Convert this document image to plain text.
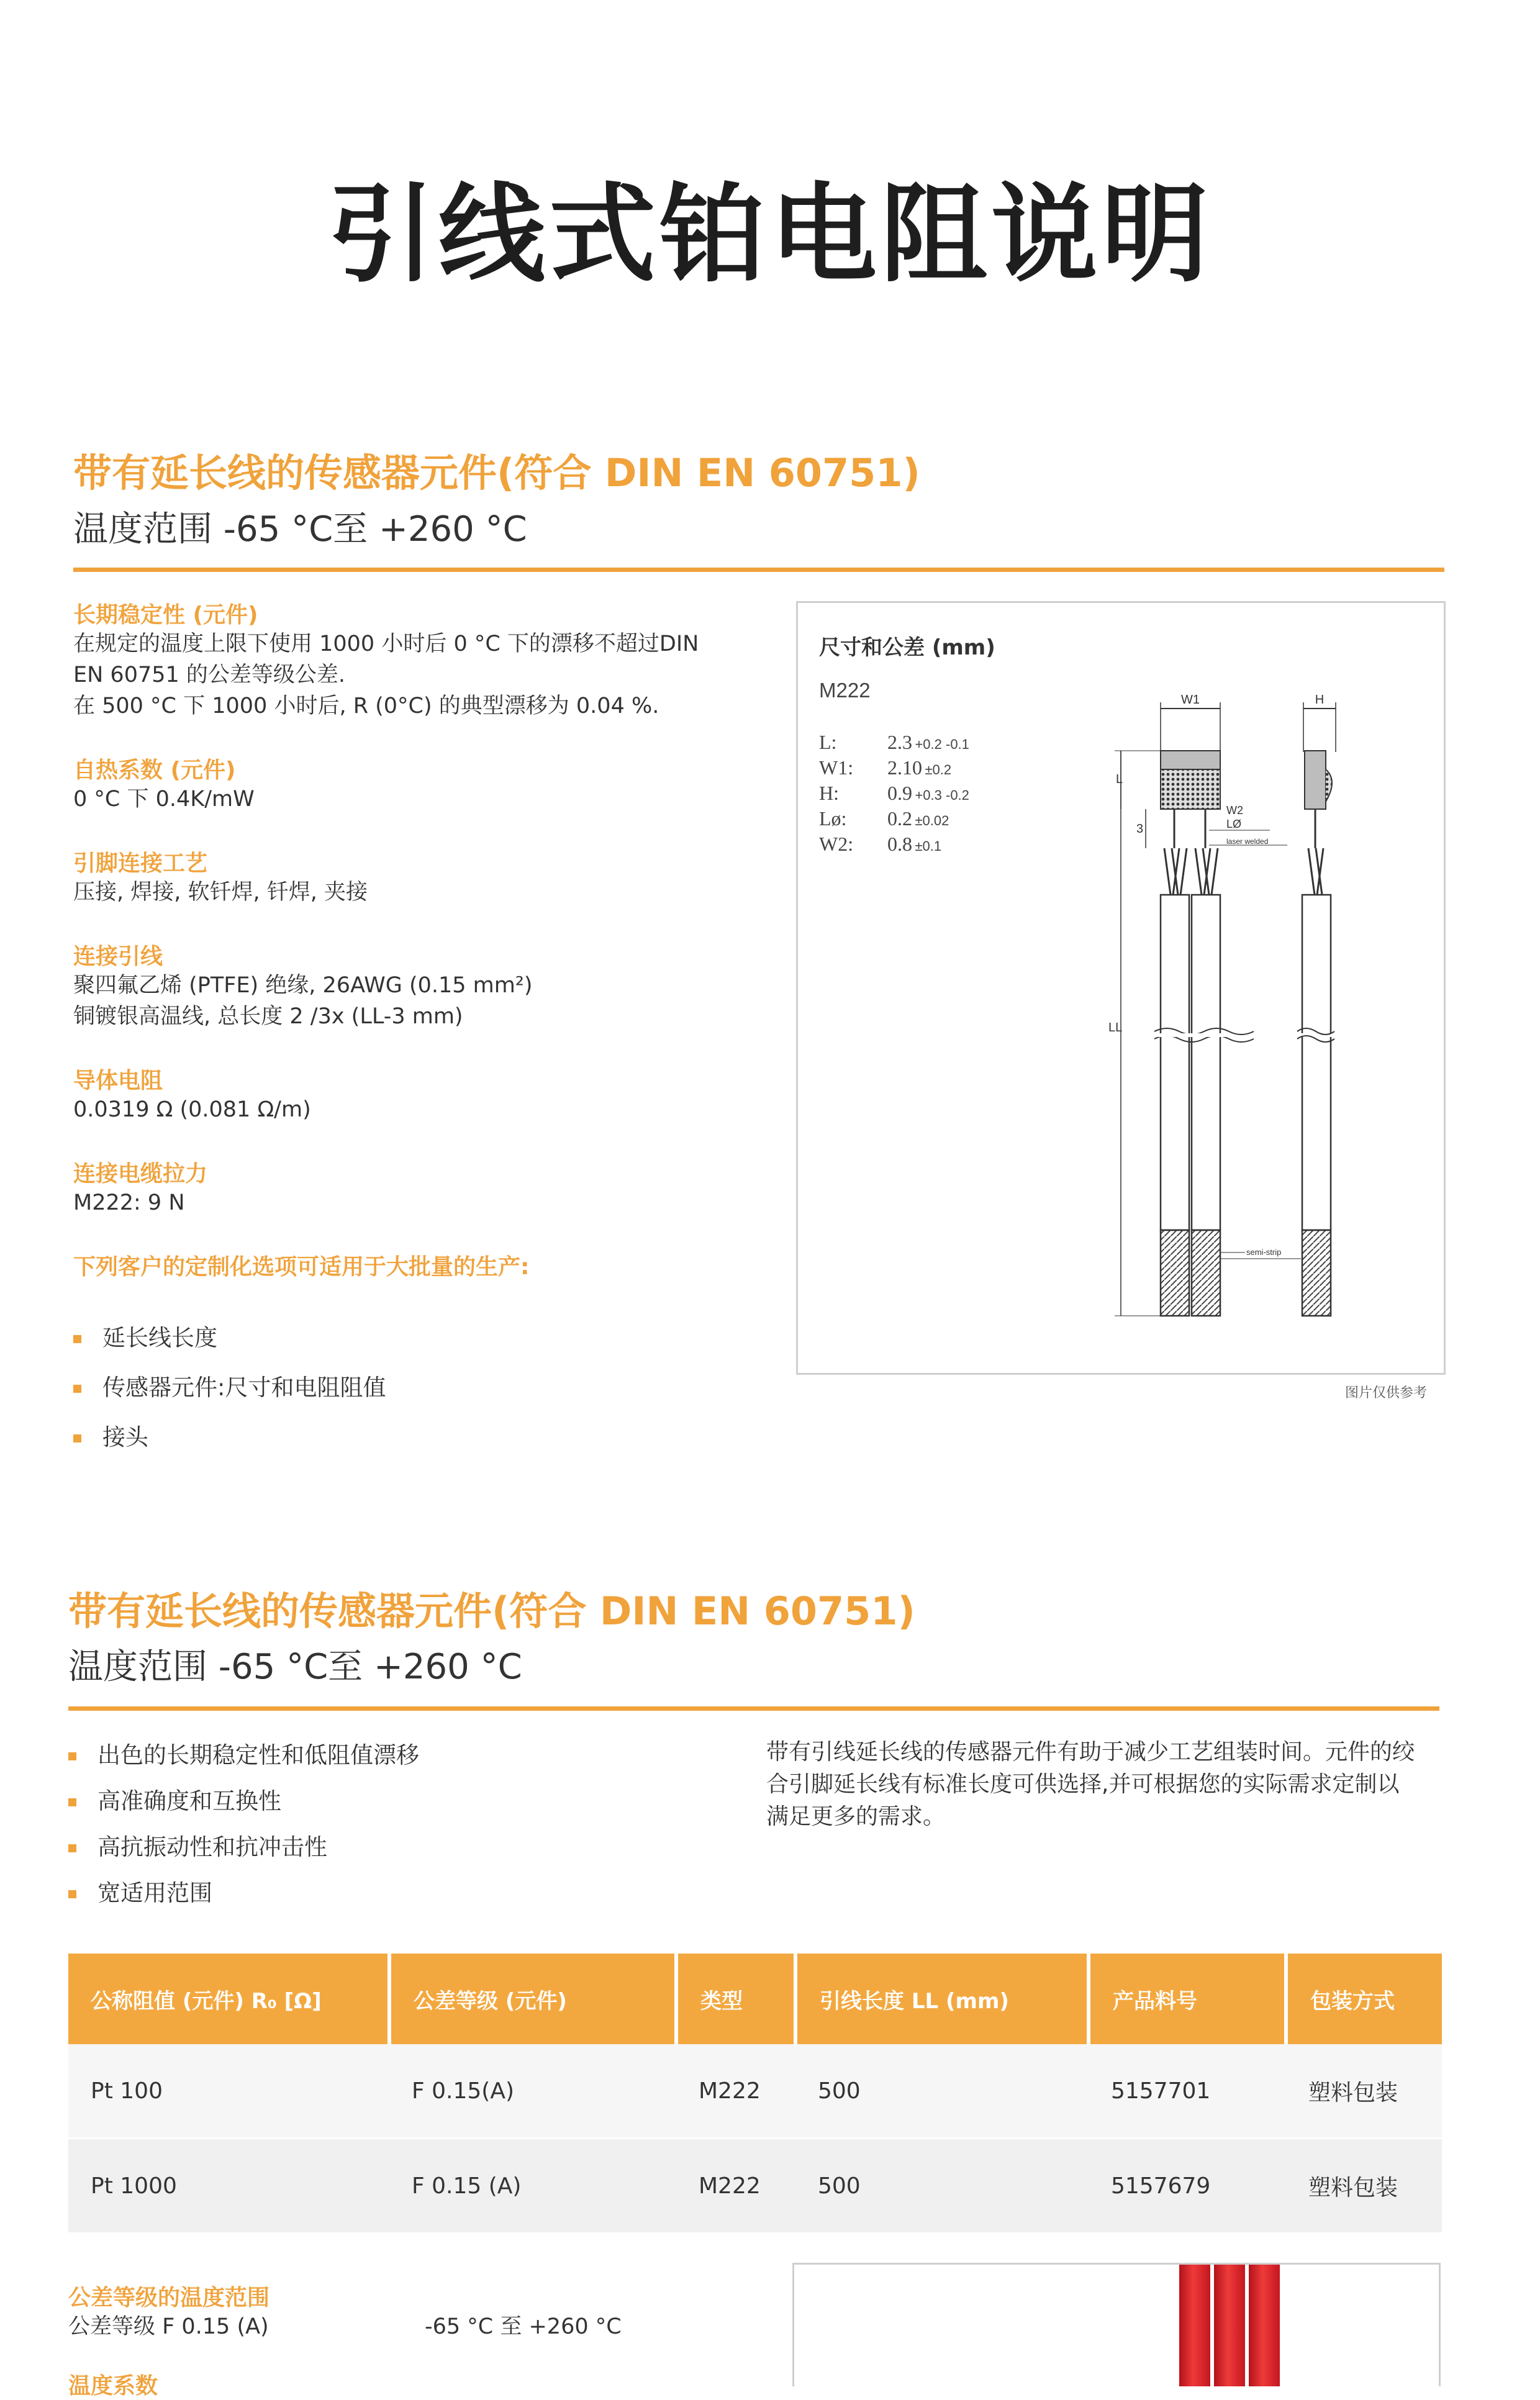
引线式铂电阻说明
带有延长线的传感器元件(符合 DIN EN 60751)
温度范围 -65 °C至 +260 °C
长期稳定性 (元件)
在规定的温度上限下使用 1000 小时后 0 °C 下的漂移不超过DIN
EN 60751 的公差等级公差.
在 500 °C 下 1000 小时后, R (0°C) 的典型漂移为 0.04 %.
自热系数 (元件)
0 °C 下 0.4K/mW
引脚连接工艺
压接, 焊接, 软钎焊, 钎焊, 夹接
连接引线
聚四氟乙烯 (PTFE) 绝缘, 26AWG (0.15 mm²)
铜镀银高温线, 总长度 2 /3x (LL-3 mm)
导体电阻
0.0319 Ω (0.081 Ω/m)
连接电缆拉力
M222: 9 N
下列客户的定制化选项可适用于大批量的生产:
延长线长度
传感器元件:尺寸和电阻阻值
接头
尺寸和公差 (mm)
M222
L:	2.3 +0.2 -0.1
W1: 2.10 ±0.2
H: 0.9 +0.3 -0.2
Lø: 0.2 ±0.02
W2: 0.8 ±0.1
W1
L
3
W2
LØ
laser welded
LL
semi-strip
H
图片仅供参考
带有延长线的传感器元件(符合 DIN EN 60751)
温度范围 -65 °C至 +260 °C
出色的长期稳定性和低阻值漂移
高准确度和互换性
高抗振动性和抗冲击性
宽适用范围
带有引线延长线的传感器元件有助于减少工艺组装时间。元件的绞
合引脚延长线有标准长度可供选择,并可根据您的实际需求定制以
满足更多的需求。
公称阻值 (元件) R₀ [Ω]	公差等级 (元件)	类型	引线长度 LL (mm)	产品料号	包装方式
Pt 100	F 0.15(A)	M222	500	5157701	塑料包装
Pt 1000	F 0.15 (A)	M222	500	5157679	塑料包装
公差等级的温度范围
公差等级 F 0.15 (A)	-65 °C 至 +260 °C
温度系数
